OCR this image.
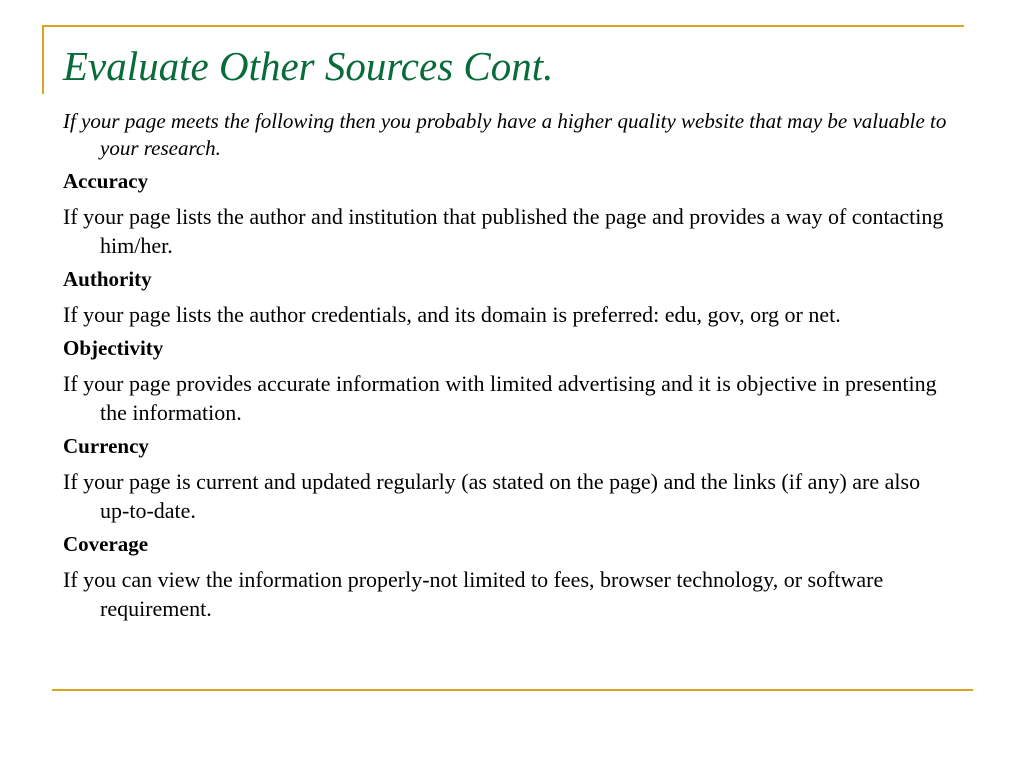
Evaluate Other Sources Cont.

If your page meets the following then you probably have a higher quality website that may be valuable to your research.

Accuracy

If your page lists the author and institution that published the page and provides a way of contacting him/her.

Authority

If your page lists the author credentials, and its domain is preferred: edu, gov, org or net.

Objectivity

If your page provides accurate information with limited advertising and it is objective in presenting the information.

Currency

If your page is current and updated regularly (as stated on the page) and the links (if any) are also up-to-date.

Coverage

If you can view the information properly-not limited to fees, browser technology, or software requirement.
